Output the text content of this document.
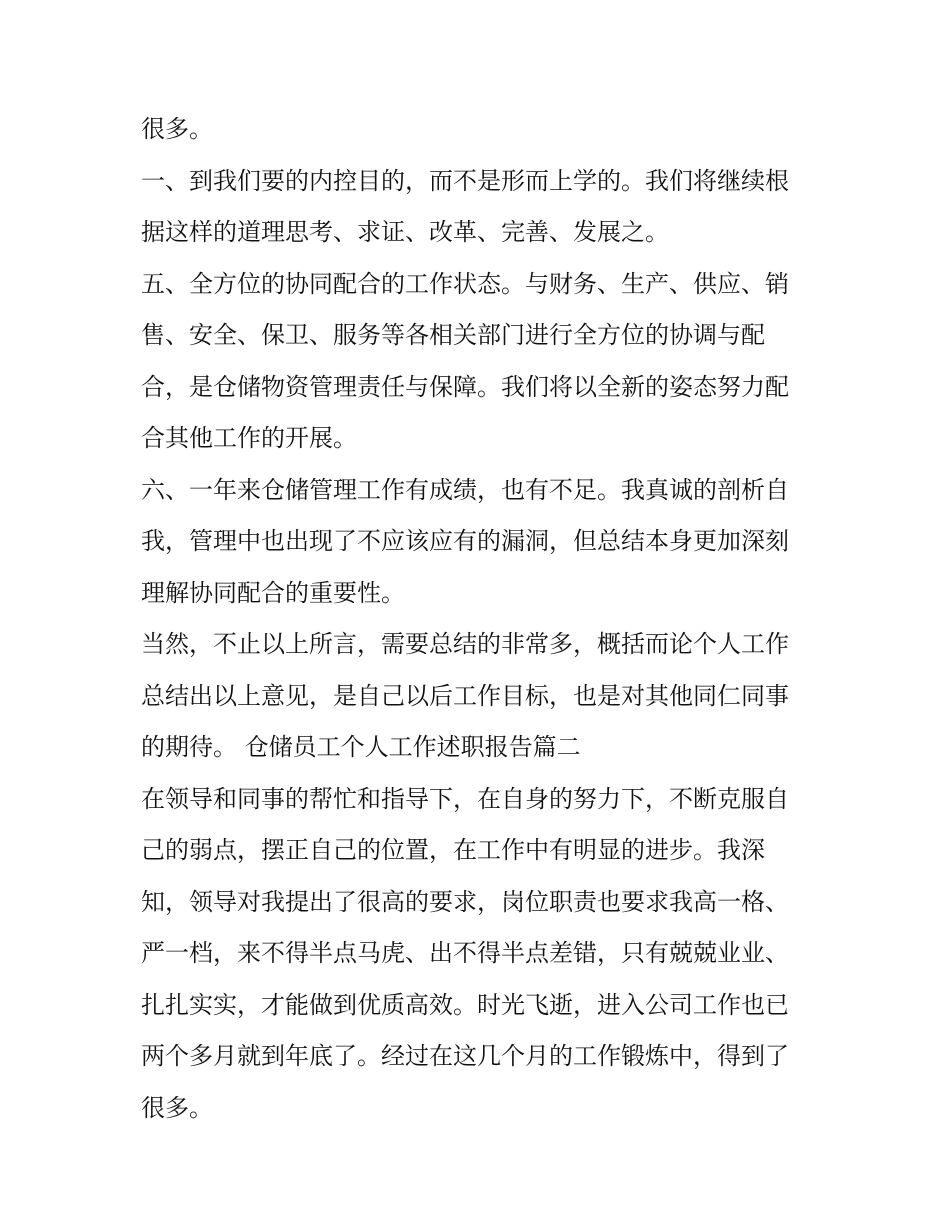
很多。
一、到我们要的内控目的，而不是形而上学的。我们将继续根
据这样的道理思考、求证、改革、完善、发展之。
五、全方位的协同配合的工作状态。与财务、生产、供应、销
售、安全、保卫、服务等各相关部门进行全方位的协调与配
合，是仓储物资管理责任与保障。我们将以全新的姿态努力配
合其他工作的开展。
六、一年来仓储管理工作有成绩，也有不足。我真诚的剖析自
我，管理中也出现了不应该应有的漏洞，但总结本身更加深刻
理解协同配合的重要性。
当然，不止以上所言，需要总结的非常多，概括而论个人工作
总结出以上意见，是自己以后工作目标，也是对其他同仁同事
的期待。 仓储员工个人工作述职报告篇二
在领导和同事的帮忙和指导下，在自身的努力下，不断克服自
己的弱点，摆正自己的位置，在工作中有明显的进步。我深
知，领导对我提出了很高的要求，岗位职责也要求我高一格、
严一档，来不得半点马虎、出不得半点差错，只有兢兢业业、
扎扎实实，才能做到优质高效。时光飞逝，进入公司工作也已
两个多月就到年底了。经过在这几个月的工作锻炼中，得到了
很多。
